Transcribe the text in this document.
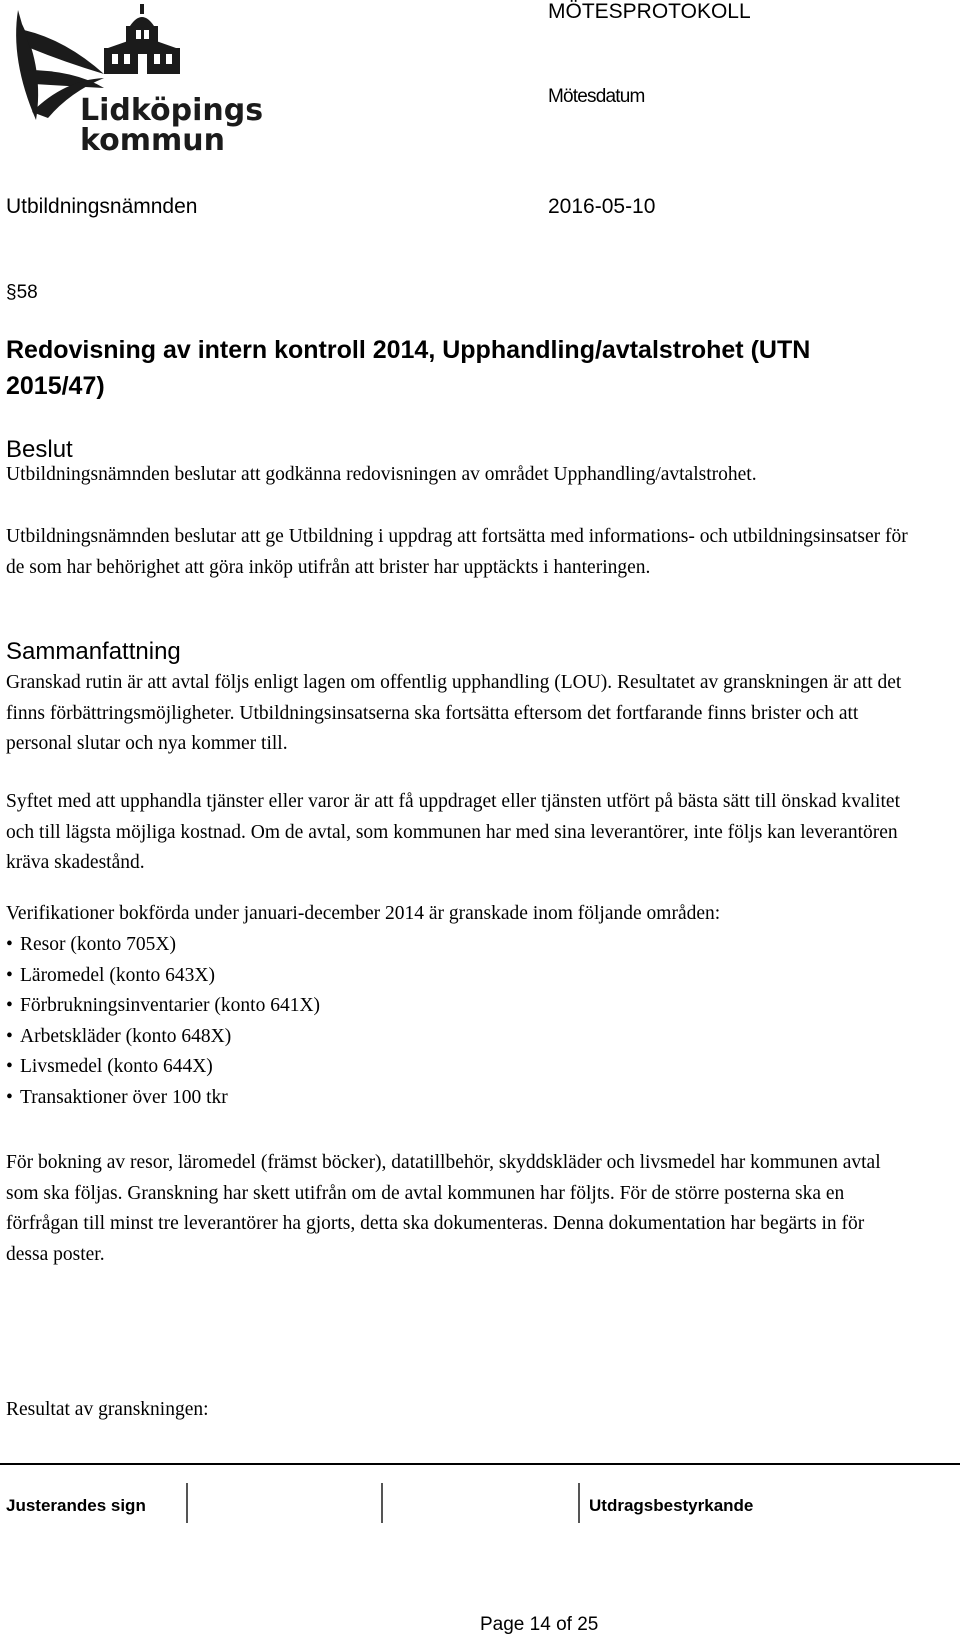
Lidköpings
kommun
MÖTESPROTOKOLL
Mötesdatum
Utbildningsnämnden	2016-05-10
§58
Redovisning av intern kontroll 2014, Upphandling/avtalstrohet (UTN 2015/47)
Beslut
Utbildningsnämnden beslutar att godkänna redovisningen av området Upphandling/avtalstrohet.
Utbildningsnämnden beslutar att ge Utbildning i uppdrag att fortsätta med informations- och utbildningsinsatser för de som har behörighet att göra inköp utifrån att brister har upptäckts i hanteringen.
Sammanfattning
Granskad rutin är att avtal följs enligt lagen om offentlig upphandling (LOU). Resultatet av granskningen är att det finns förbättringsmöjligheter. Utbildningsinsatserna ska fortsätta eftersom det fortfarande finns brister och att personal slutar och nya kommer till.
Syftet med att upphandla tjänster eller varor är att få uppdraget eller tjänsten utfört på bästa sätt till önskad kvalitet och till lägsta möjliga kostnad. Om de avtal, som kommunen har med sina leverantörer, inte följs kan leverantören kräva skadestånd.
Verifikationer bokförda under januari-december 2014 är granskade inom följande områden:
• Resor (konto 705X)
• Läromedel (konto 643X)
• Förbrukningsinventarier (konto 641X)
• Arbetskläder (konto 648X)
• Livsmedel (konto 644X)
• Transaktioner över 100 tkr
För bokning av resor, läromedel (främst böcker), datatillbehör, skyddskläder och livsmedel har kommunen avtal som ska följas. Granskning har skett utifrån om de avtal kommunen har följts. För de större posterna ska en förfrågan till minst tre leverantörer ha gjorts, detta ska dokumenteras. Denna dokumentation har begärts in för dessa poster.
Resultat av granskningen:
Justerandes sign	Utdragsbestyrkande
Page 14 of 25
